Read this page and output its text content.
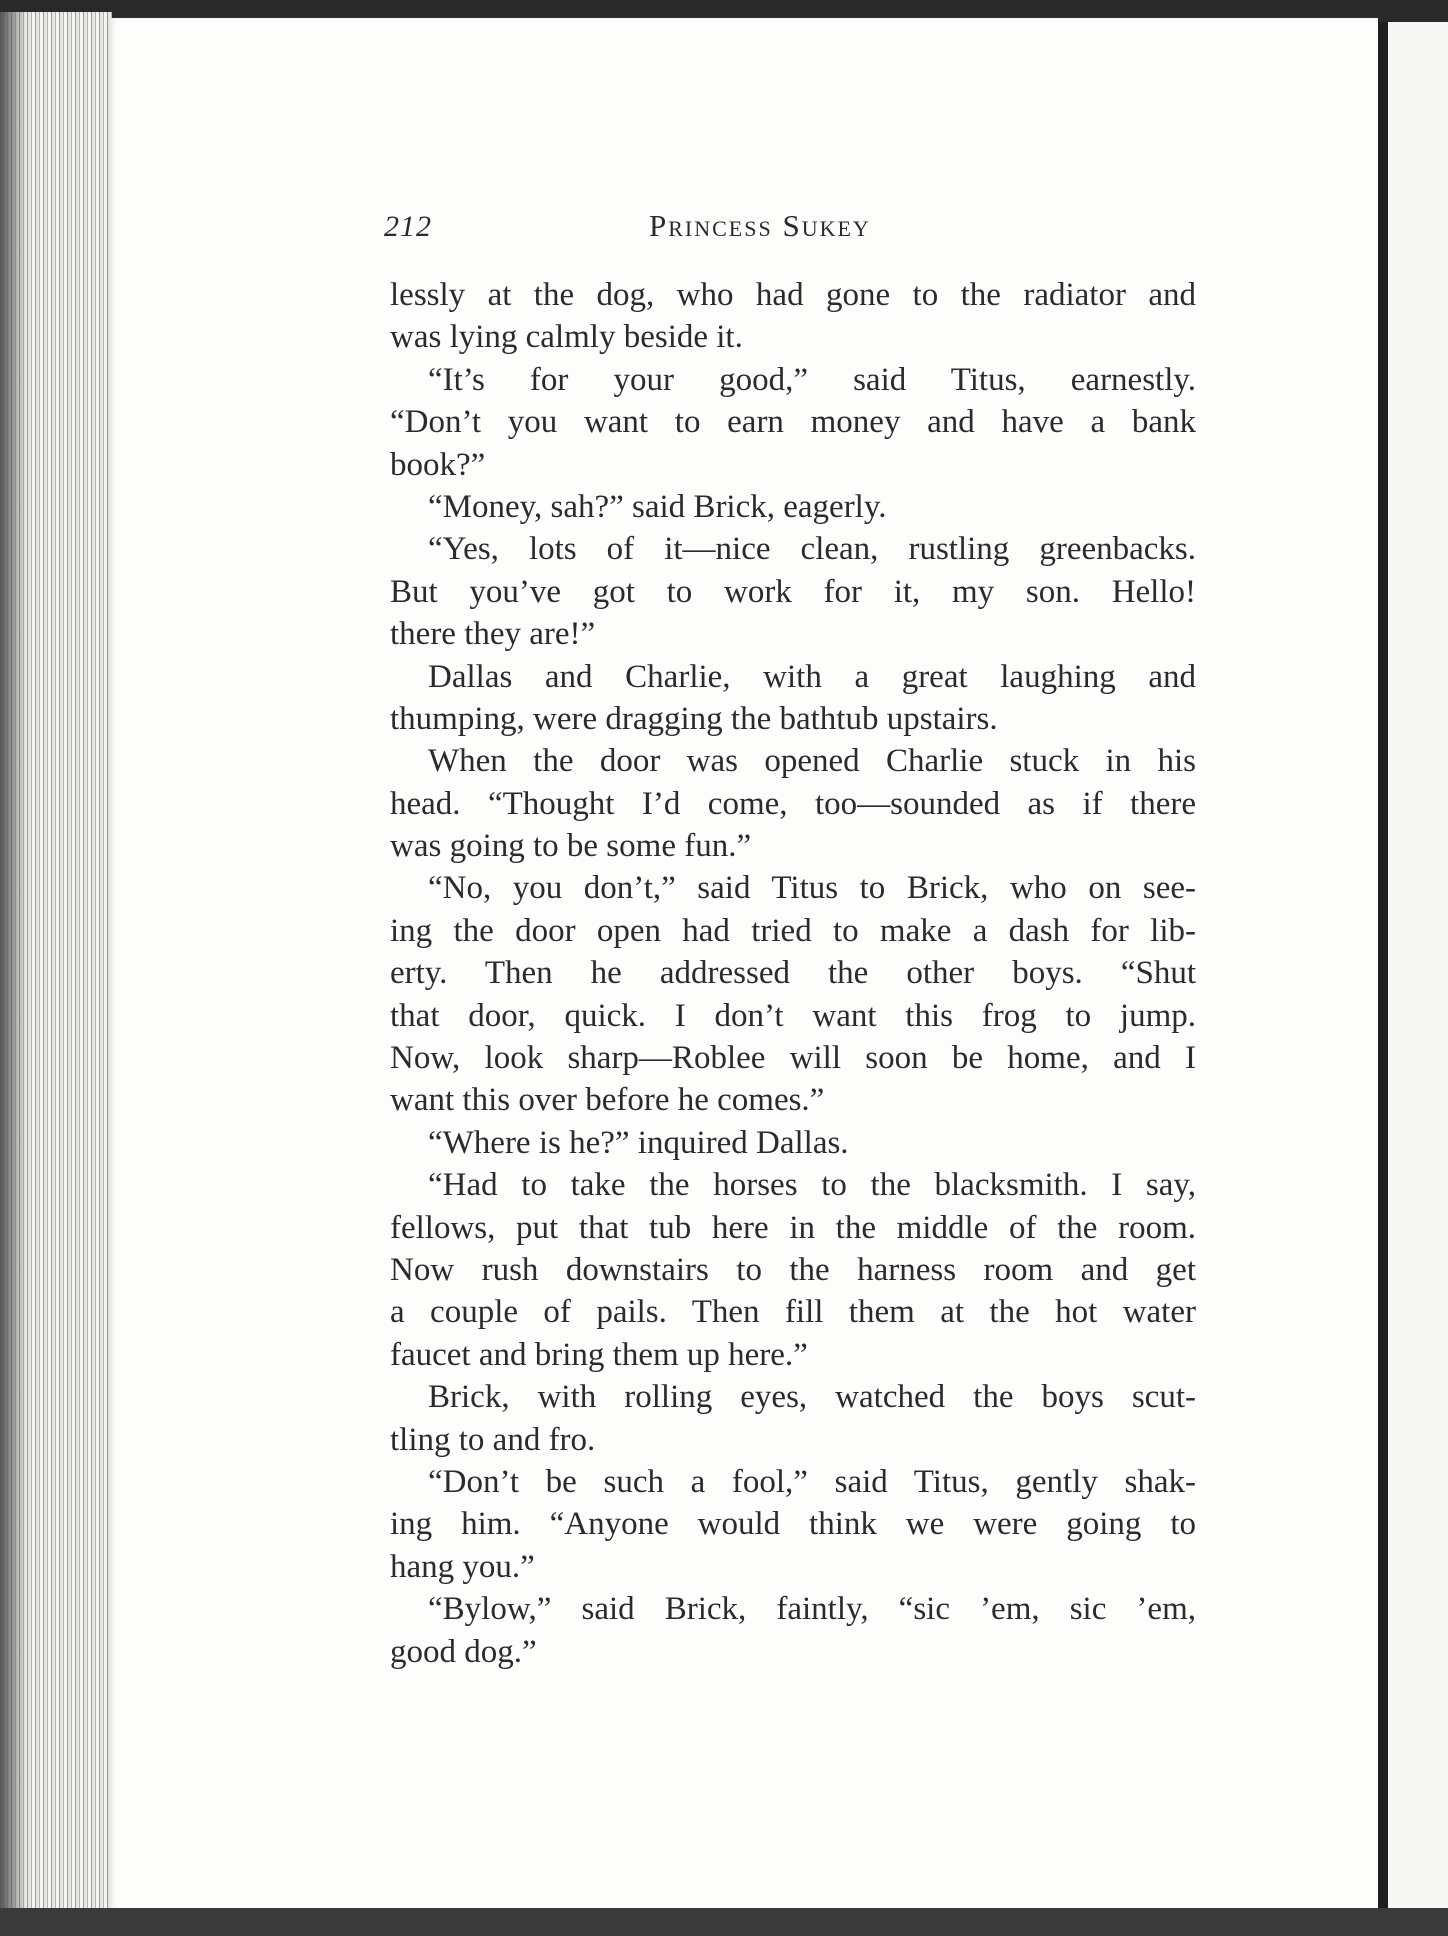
212	Princess Sukey
lessly at the dog, who had gone to the radiator and
was lying calmly beside it.
“It’s for your good,” said Titus, earnestly.
“Don’t you want to earn money and have a bank
book?”
“Money, sah?” said Brick, eagerly.
“Yes, lots of it—nice clean, rustling greenbacks.
But you’ve got to work for it, my son. Hello!
there they are!”
Dallas and Charlie, with a great laughing and
thumping, were dragging the bathtub upstairs.
When the door was opened Charlie stuck in his
head. “Thought I’d come, too—sounded as if there
was going to be some fun.”
“No, you don’t,” said Titus to Brick, who on see-
ing the door open had tried to make a dash for lib-
erty. Then he addressed the other boys. “Shut
that door, quick. I don’t want this frog to jump.
Now, look sharp—Roblee will soon be home, and I
want this over before he comes.”
“Where is he?” inquired Dallas.
“Had to take the horses to the blacksmith. I say,
fellows, put that tub here in the middle of the room.
Now rush downstairs to the harness room and get
a couple of pails. Then fill them at the hot water
faucet and bring them up here.”
Brick, with rolling eyes, watched the boys scut-
tling to and fro.
“Don’t be such a fool,” said Titus, gently shak-
ing him. “Anyone would think we were going to
hang you.”
“Bylow,” said Brick, faintly, “sic ’em, sic ’em,
good dog.”
